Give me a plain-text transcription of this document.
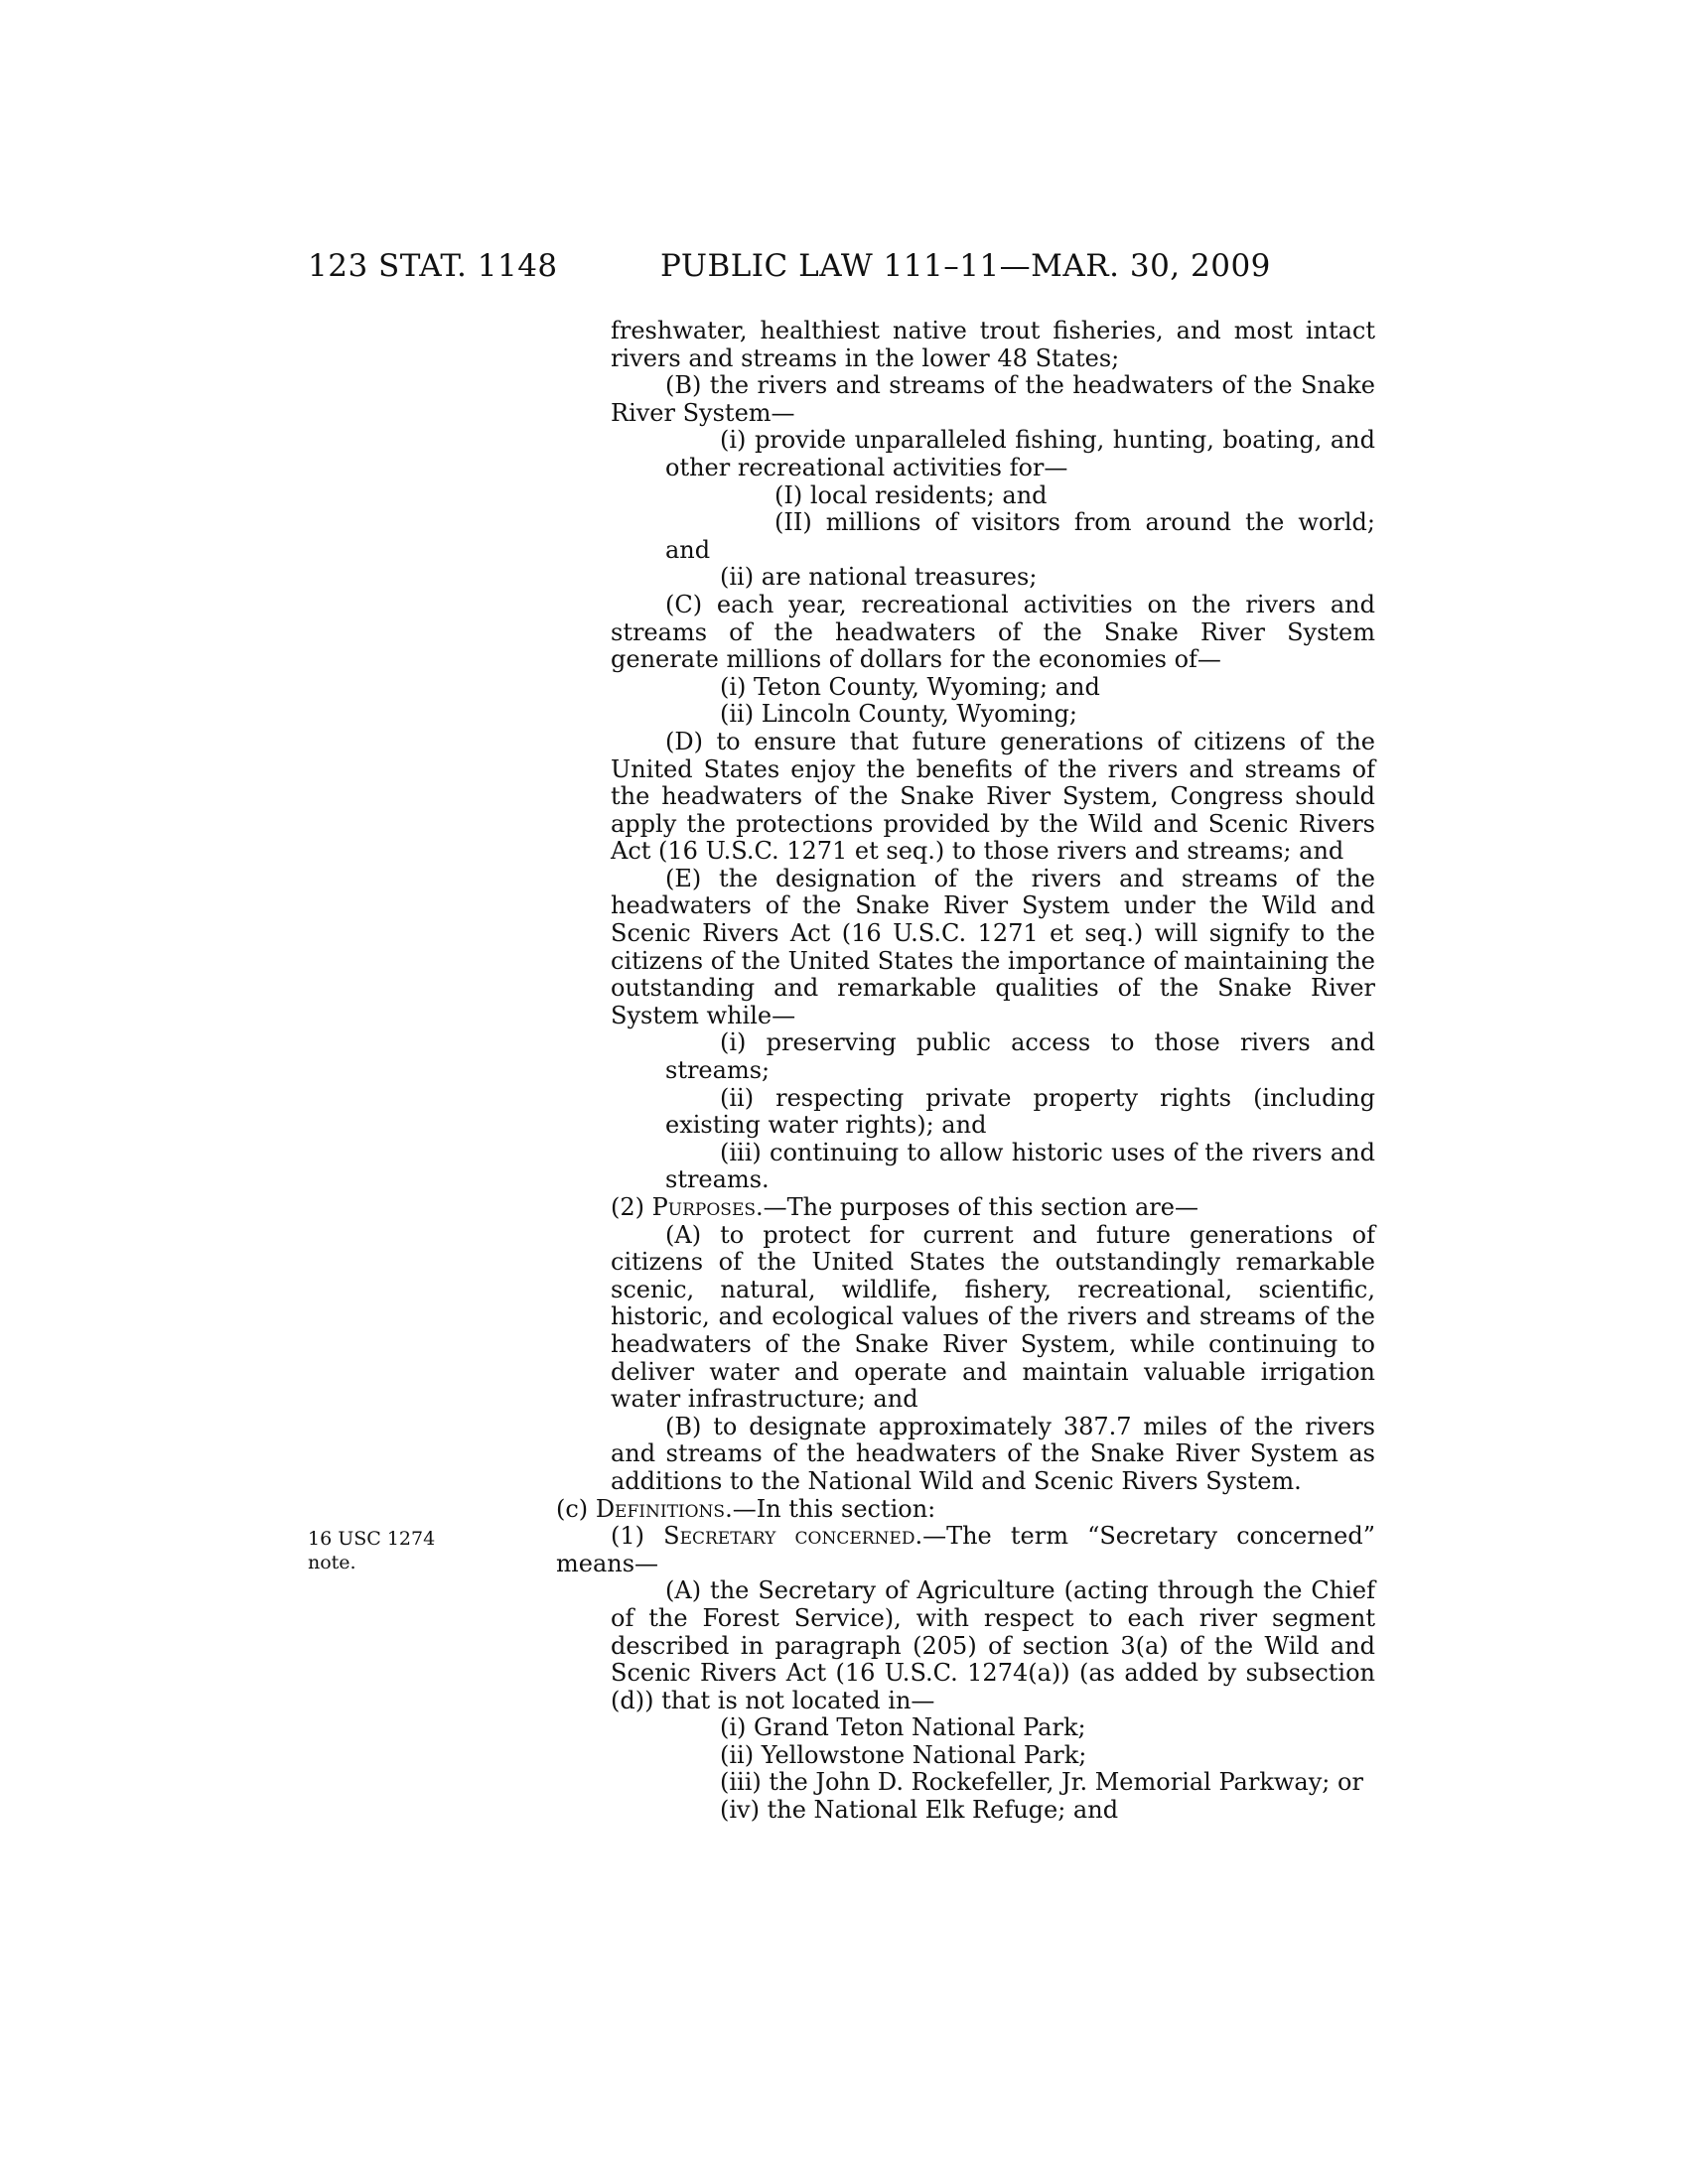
123 STAT. 1148	PUBLIC LAW 111–11—MAR. 30, 2009
16 USC 1274
note.

freshwater, healthiest native trout fisheries, and most intact rivers and streams in the lower 48 States;

(B) the rivers and streams of the headwaters of the Snake River System—

(i) provide unparalleled fishing, hunting, boating, and other recreational activities for—

(I) local residents; and

(II) millions of visitors from around the world; and

(ii) are national treasures;

(C) each year, recreational activities on the rivers and streams of the headwaters of the Snake River System generate millions of dollars for the economies of—

(i) Teton County, Wyoming; and

(ii) Lincoln County, Wyoming;

(D) to ensure that future generations of citizens of the United States enjoy the benefits of the rivers and streams of the headwaters of the Snake River System, Congress should apply the protections provided by the Wild and Scenic Rivers Act (16 U.S.C. 1271 et seq.) to those rivers and streams; and

(E) the designation of the rivers and streams of the headwaters of the Snake River System under the Wild and Scenic Rivers Act (16 U.S.C. 1271 et seq.) will signify to the citizens of the United States the importance of maintaining the outstanding and remarkable qualities of the Snake River System while—

(i) preserving public access to those rivers and streams;

(ii) respecting private property rights (including existing water rights); and

(iii) continuing to allow historic uses of the rivers and streams.

(2) Purposes.—The purposes of this section are—

(A) to protect for current and future generations of citizens of the United States the outstandingly remarkable scenic, natural, wildlife, fishery, recreational, scientific, historic, and ecological values of the rivers and streams of the headwaters of the Snake River System, while continuing to deliver water and operate and maintain valuable irrigation water infrastructure; and

(B) to designate approximately 387.7 miles of the rivers and streams of the headwaters of the Snake River System as additions to the National Wild and Scenic Rivers System.

(c) Definitions.—In this section:

(1) Secretary concerned.—The term “Secretary concerned” means—

(A) the Secretary of Agriculture (acting through the Chief of the Forest Service), with respect to each river segment described in paragraph (205) of section 3(a) of the Wild and Scenic Rivers Act (16 U.S.C. 1274(a)) (as added by subsection (d)) that is not located in—

(i) Grand Teton National Park;

(ii) Yellowstone National Park;

(iii) the John D. Rockefeller, Jr. Memorial Parkway; or

(iv) the National Elk Refuge; and
